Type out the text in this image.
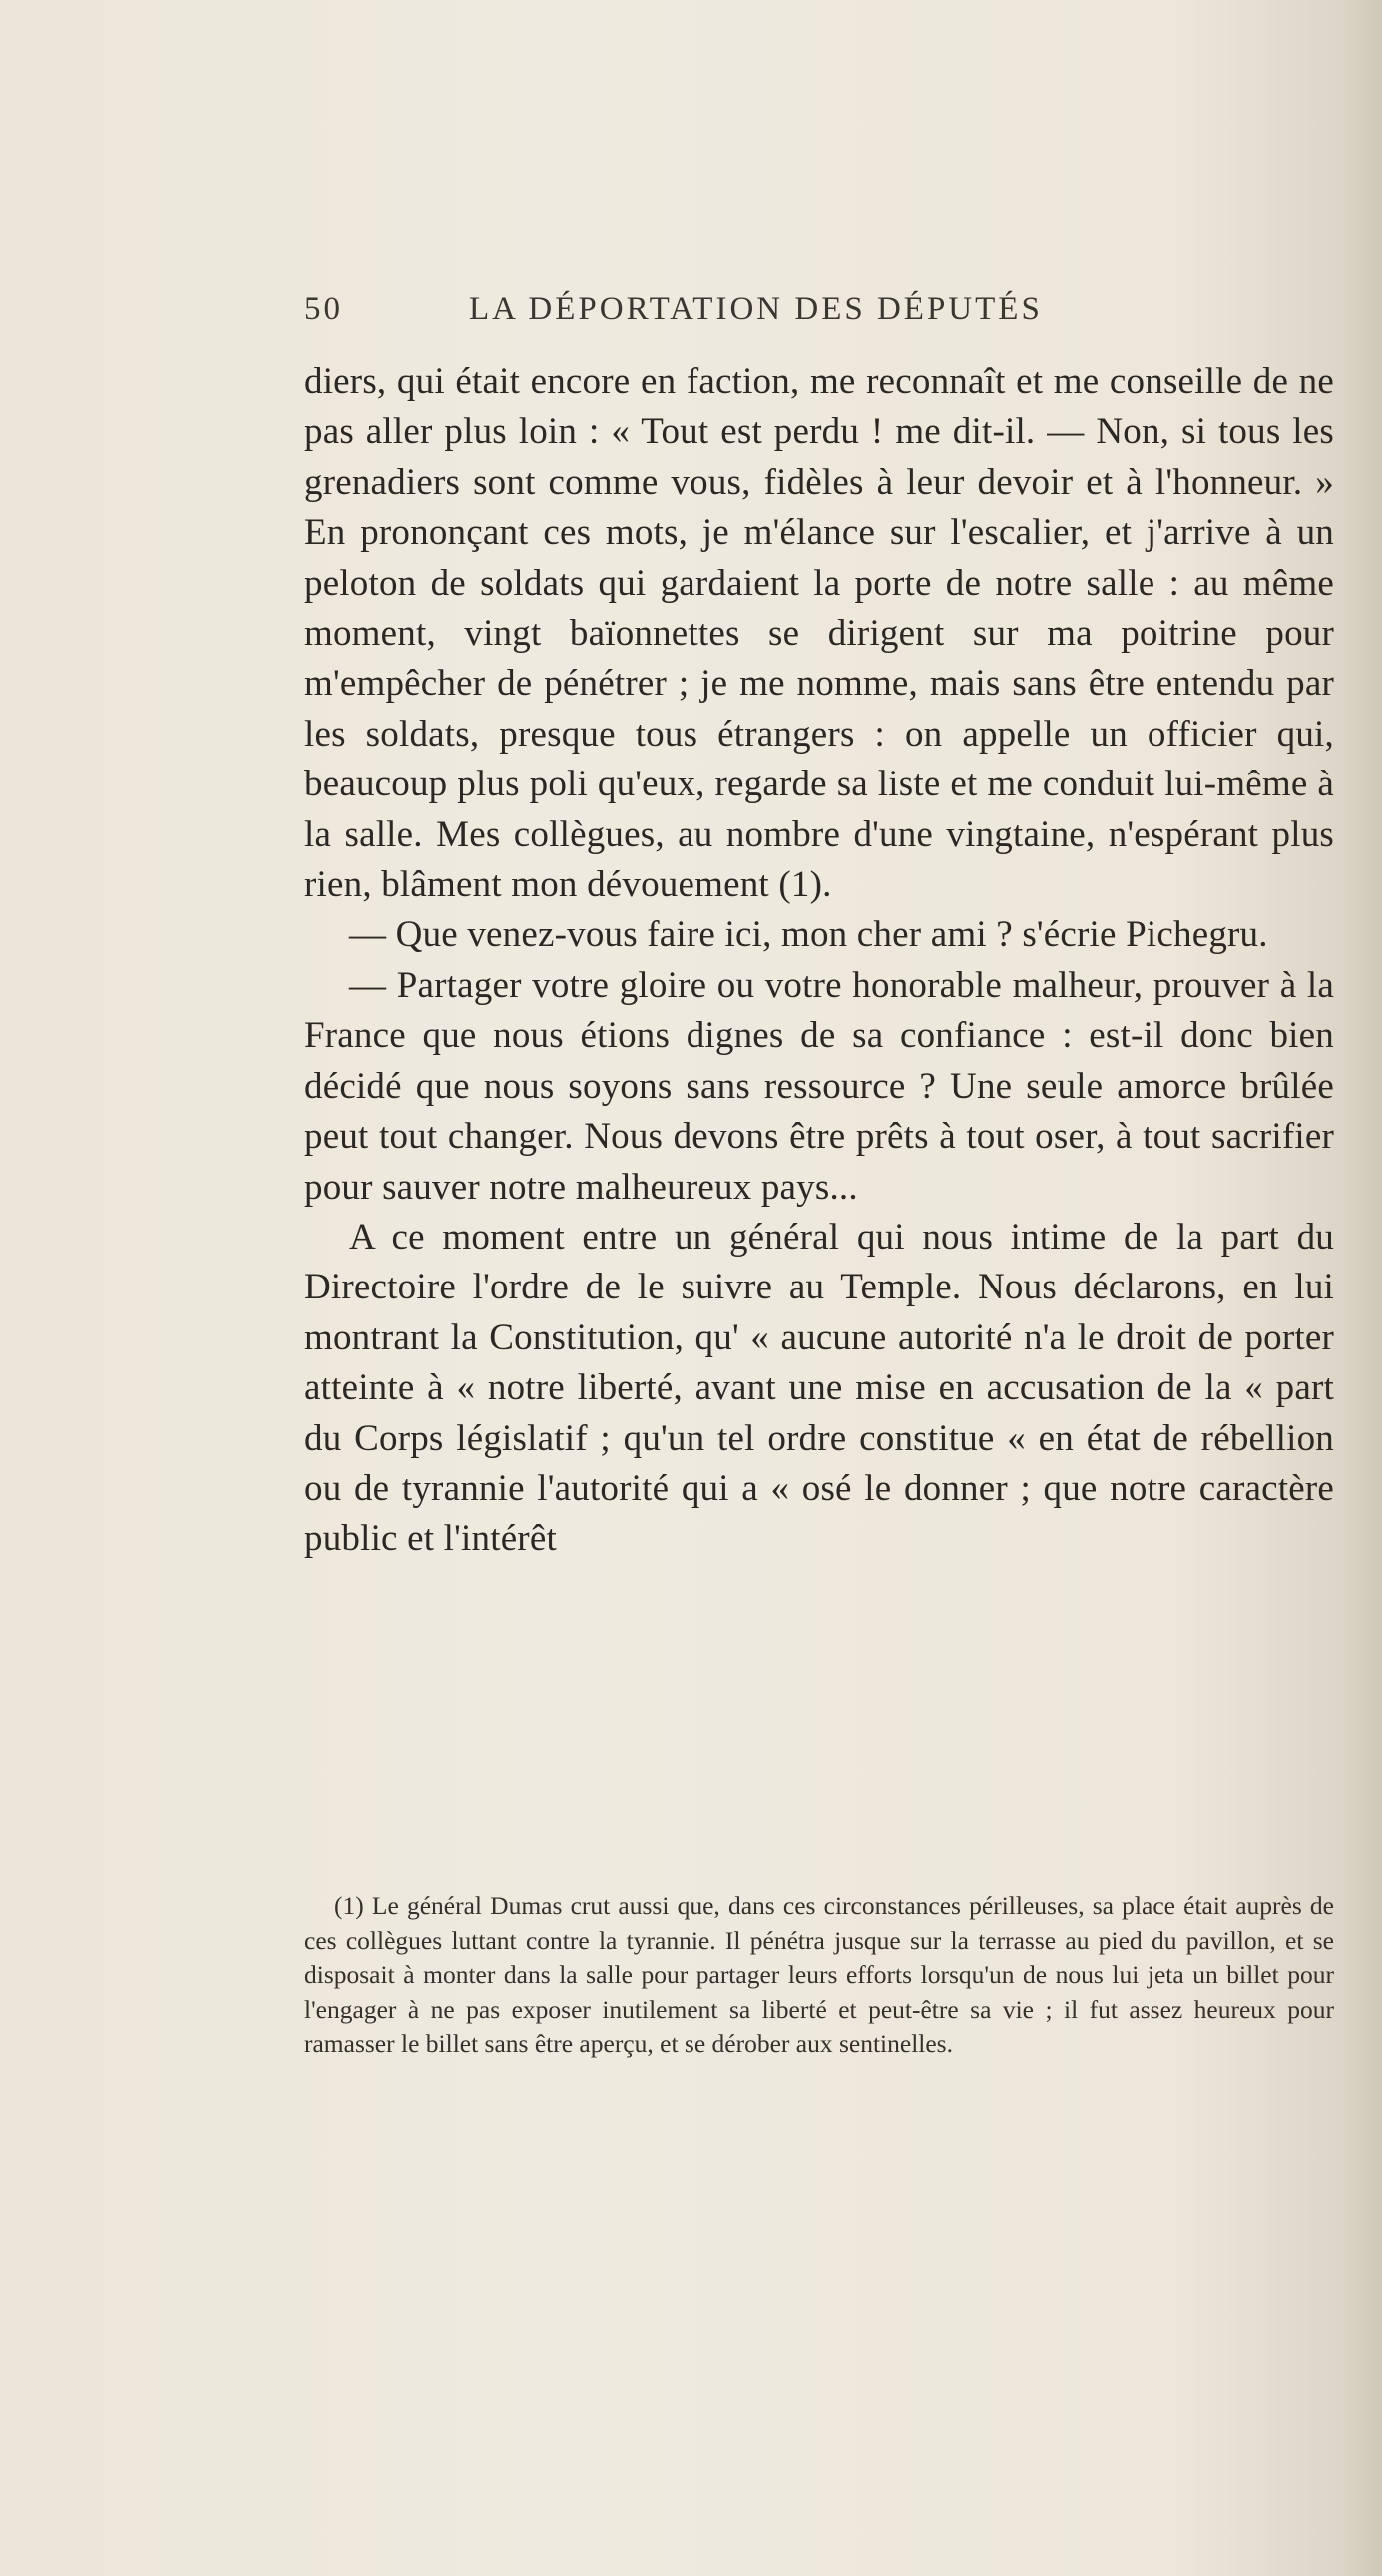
50	LA DÉPORTATION DES DÉPUTÉS

diers, qui était encore en faction, me reconnaît et me conseille de ne pas aller plus loin : « Tout est perdu ! me dit-il. — Non, si tous les grenadiers sont comme vous, fidèles à leur devoir et à l'honneur. » En prononçant ces mots, je m'élance sur l'escalier, et j'arrive à un peloton de soldats qui gardaient la porte de notre salle : au même moment, vingt baïonnettes se dirigent sur ma poitrine pour m'empêcher de pénétrer ; je me nomme, mais sans être entendu par les soldats, presque tous étrangers : on appelle un officier qui, beaucoup plus poli qu'eux, regarde sa liste et me conduit lui-même à la salle. Mes collègues, au nombre d'une vingtaine, n'espérant plus rien, blâment mon dévouement (1).

— Que venez-vous faire ici, mon cher ami ? s'écrie Pichegru.

— Partager votre gloire ou votre honorable malheur, prouver à la France que nous étions dignes de sa confiance : est-il donc bien décidé que nous soyons sans ressource ? Une seule amorce brûlée peut tout changer. Nous devons être prêts à tout oser, à tout sacrifier pour sauver notre malheureux pays...

A ce moment entre un général qui nous intime de la part du Directoire l'ordre de le suivre au Temple. Nous déclarons, en lui montrant la Constitution, qu' « aucune autorité n'a le droit de porter atteinte à « notre liberté, avant une mise en accusation de la « part du Corps législatif ; qu'un tel ordre constitue « en état de rébellion ou de tyrannie l'autorité qui a « osé le donner ; que notre caractère public et l'intérêt

(1) Le général Dumas crut aussi que, dans ces circonstances périlleuses, sa place était auprès de ces collègues luttant contre la tyrannie. Il pénétra jusque sur la terrasse au pied du pavillon, et se disposait à monter dans la salle pour partager leurs efforts lorsqu'un de nous lui jeta un billet pour l'engager à ne pas exposer inutilement sa liberté et peut-être sa vie ; il fut assez heureux pour ramasser le billet sans être aperçu, et se dérober aux sentinelles.
